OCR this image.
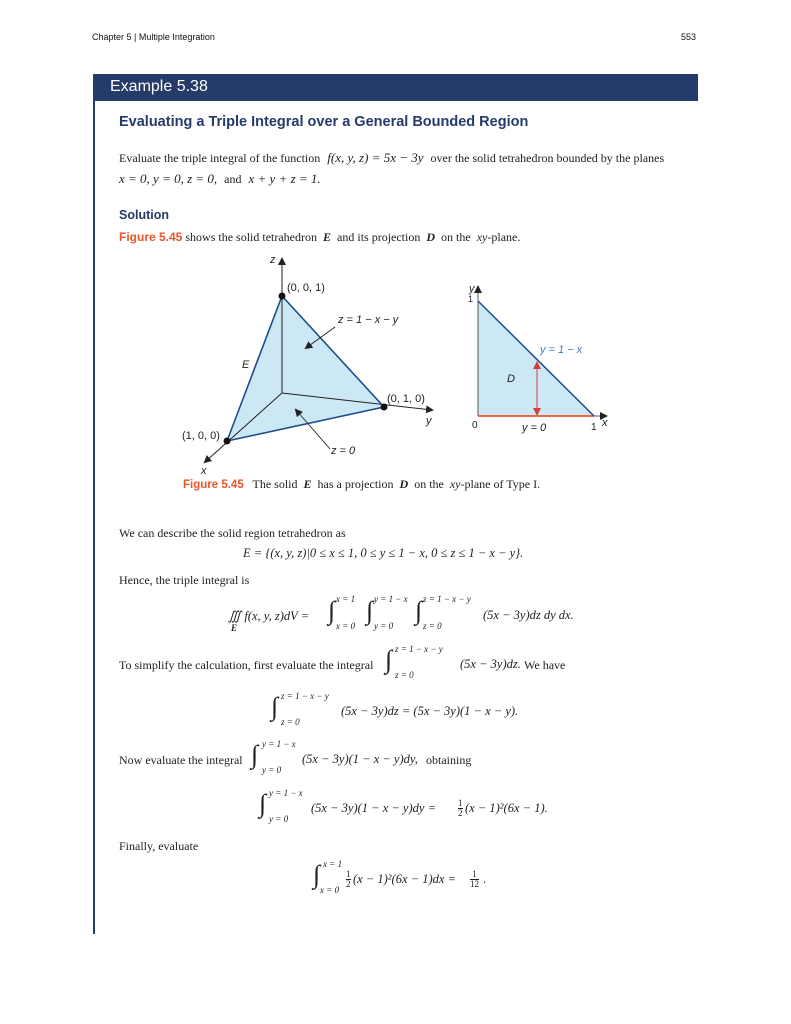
Chapter 5 | Multiple Integration	553
Example 5.38
Evaluating a Triple Integral over a General Bounded Region
Evaluate the triple integral of the function f(x, y, z) = 5x − 3y over the solid tetrahedron bounded by the planes
x = 0, y = 0, z = 0, and x + y + z = 1.
Solution
Figure 5.45 shows the solid tetrahedron E and its projection D on the xy-plane.
z
y
x
(0, 0, 1)
(0, 1, 0)
(1, 0, 0)
z = 1 − x − y
z = 0
E
y
1
0	1 x
y = 1 − x
y = 0
D
Figure 5.45 The solid E has a projection D on the xy-plane of Type I.
We can describe the solid region tetrahedron as
E = {(x, y, z)|0 ≤ x ≤ 1, 0 ≤ y ≤ 1 − x, 0 ≤ z ≤ 1 − x − y}.
Hence, the triple integral is
∭ f(x, y, z)dV =
E
∫ x = 1
x = 0
∫ y = 1 − x
y = 0
∫ z = 1 − x − y
z = 0
(5x − 3y)dz dy dx.
To simplify the calculation, first evaluate the integral ∫ z = 1 − x − y
z = 0
(5x − 3y)dz. We have
∫ z = 1 − x − y
z = 0
(5x − 3y)dz = (5x − 3y)(1 − x − y).
Now evaluate the integral ∫ y = 1 − x
y = 0
(5x − 3y)(1 − x − y)dy, obtaining
∫ y = 1 − x
y = 0
$(5x - 3y)(1 - x - y)dy = \frac{1}{2} (x - 1)^2(6x - 1)$.
Finally, evaluate
∫ x = 1
x = 0
$\frac{1}{2} (x - 1)^2(6x - 1)dx = \frac{1}{12}$ .
